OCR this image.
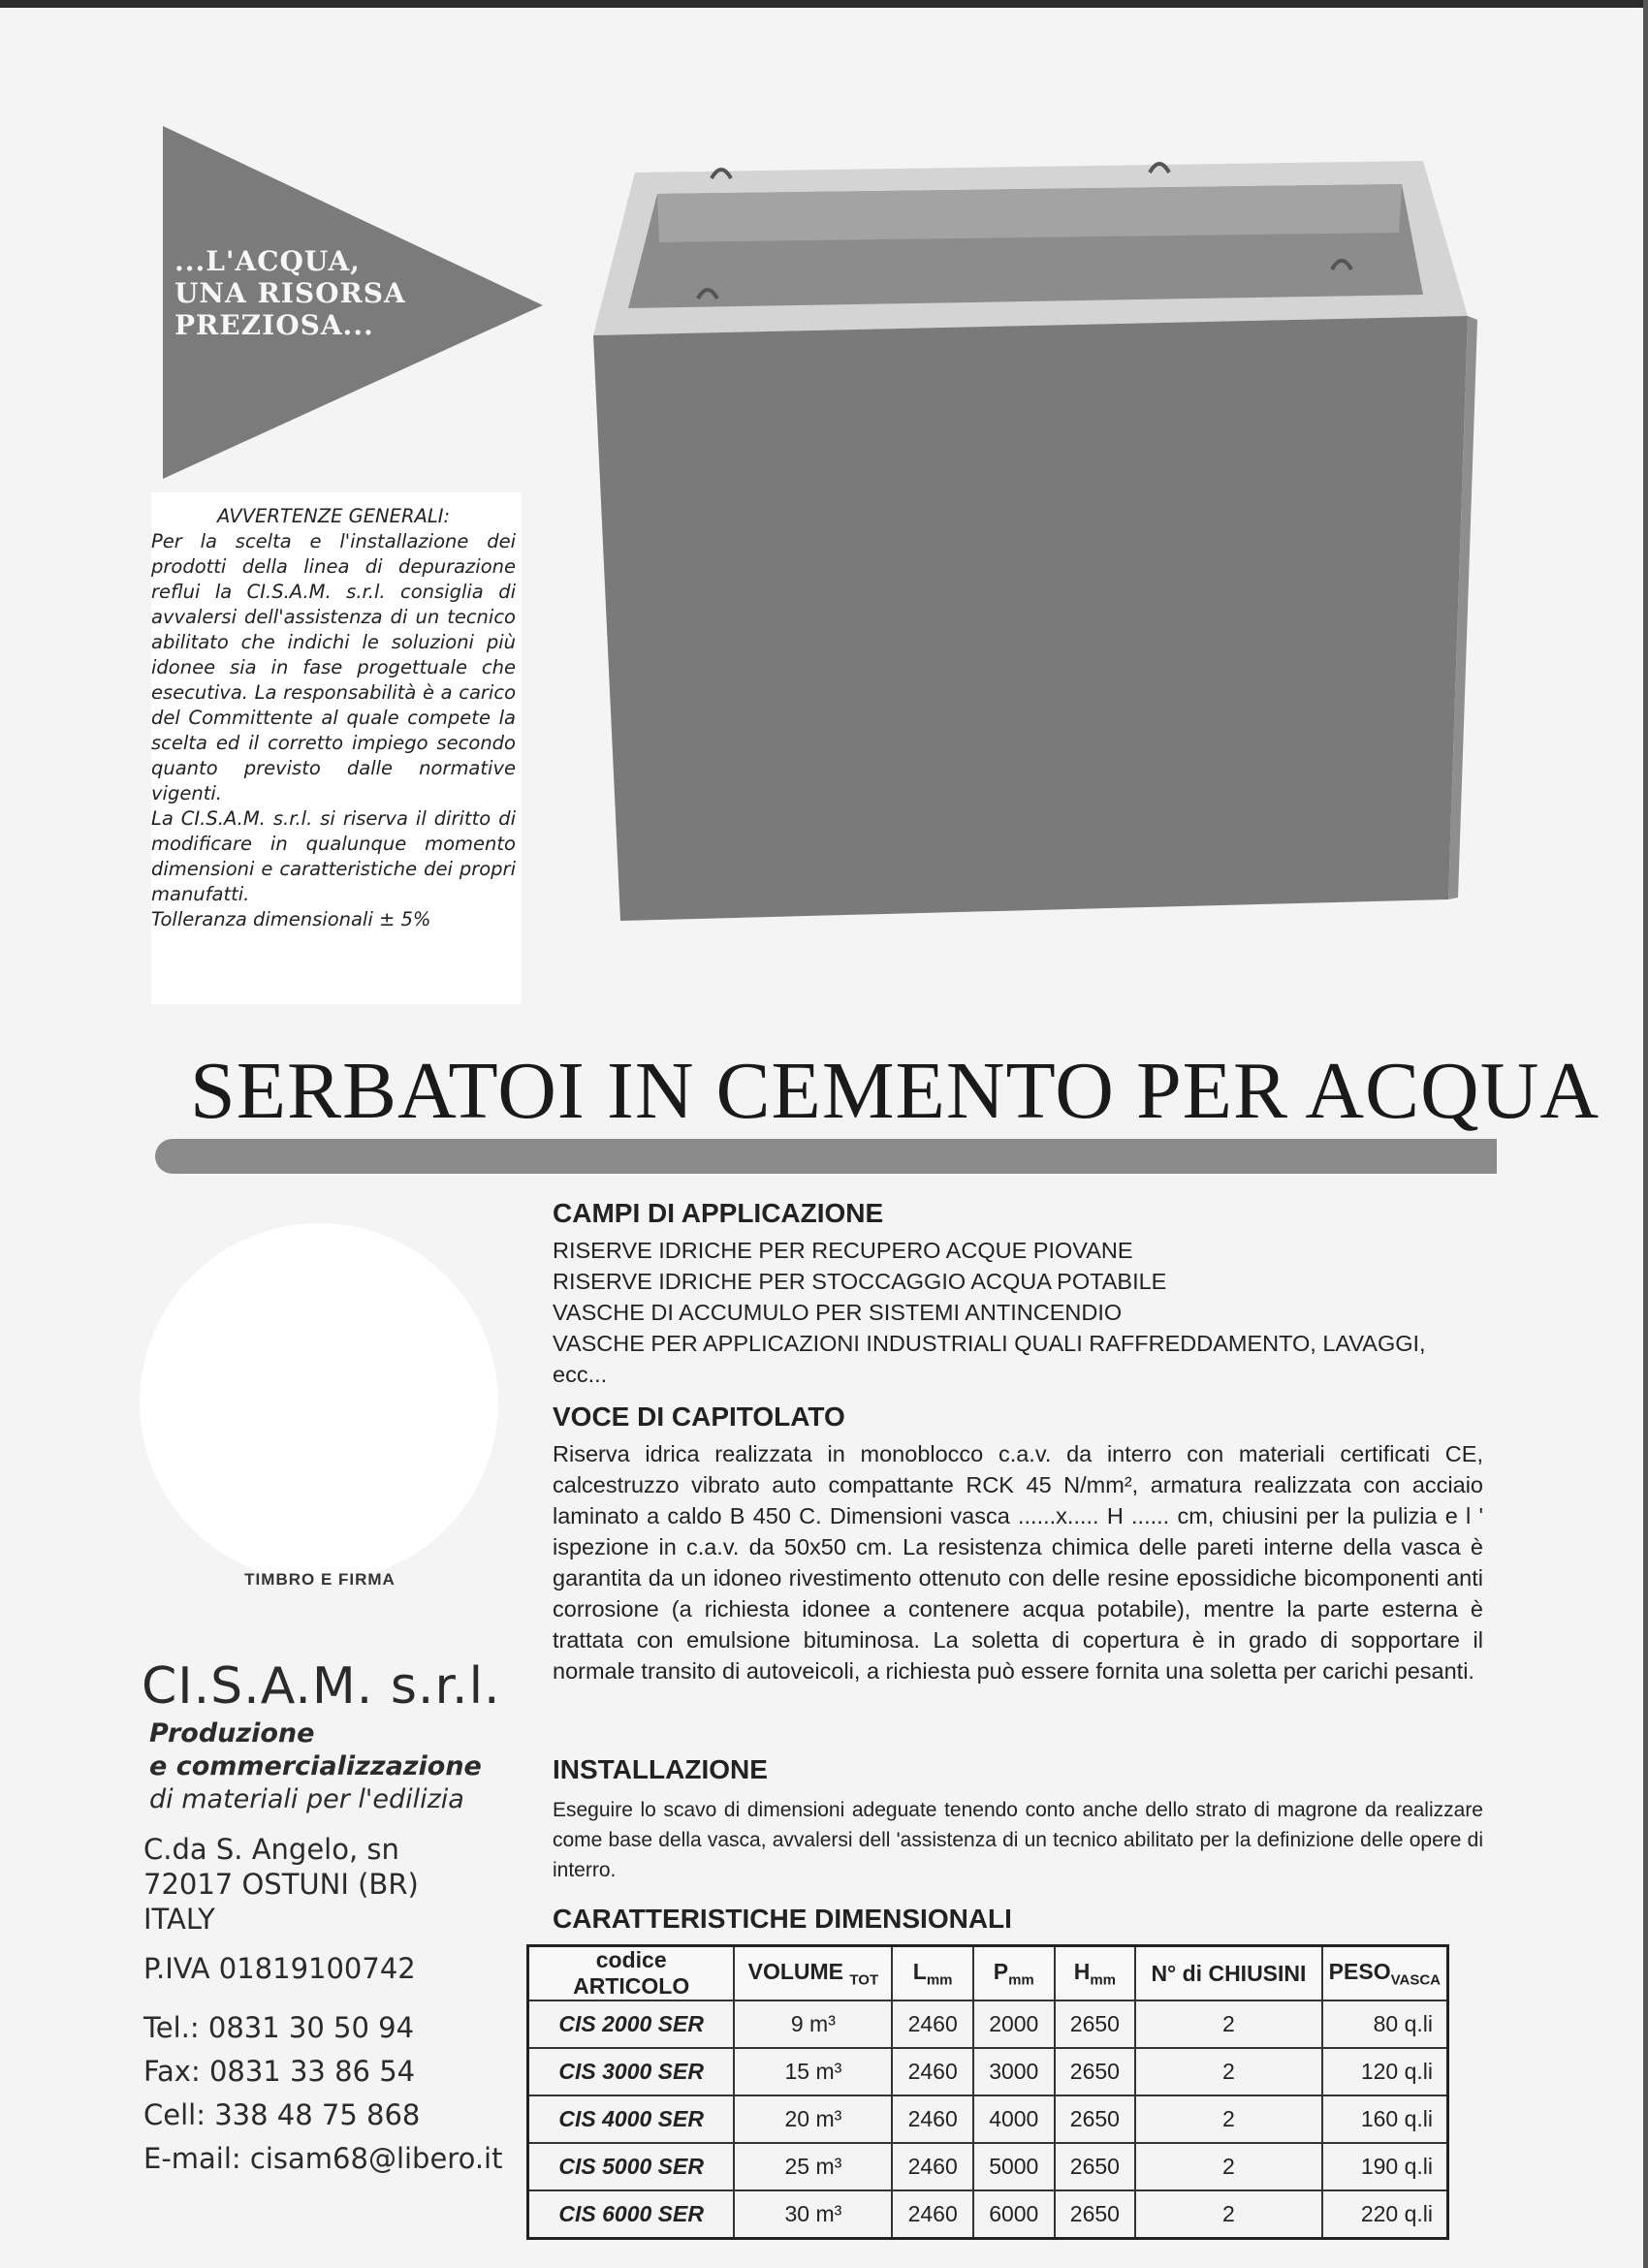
...L'ACQUA,
UNA RISORSA
PREZIOSA...

AVVERTENZE GENERALI:

Per la scelta e l'installazione dei prodotti della linea di depurazione reflui la CI.S.A.M. s.r.l. consiglia di avvalersi dell'assistenza di un tecnico abilitato che indichi le soluzioni più idonee sia in fase progettuale che esecutiva. La responsabilità è a carico del Committente al quale compete la scelta ed il corretto impiego secondo quanto previsto dalle normative vigenti.

La CI.S.A.M. s.r.l. si riserva il diritto di modificare in qualunque momento dimensioni e caratteristiche dei propri manufatti.

Tolleranza dimensionali ± 5%

SERBATOI IN CEMENTO PER ACQUA
TIMBRO E FIRMA
CI.S.A.M. s.r.l.
Produzione
e commercializzazione
di materiali per l'edilizia
C.da S. Angelo, sn
72017 OSTUNI (BR)
ITALY
P.IVA 01819100742
Tel.: 0831 30 50 94
Fax: 0831 33 86 54
Cell: 338 48 75 868
E-mail: cisam68@libero.it
CAMPI DI APPLICAZIONE
RISERVE IDRICHE PER RECUPERO ACQUE PIOVANE
RISERVE IDRICHE PER STOCCAGGIO ACQUA POTABILE
VASCHE DI ACCUMULO PER SISTEMI ANTINCENDIO
VASCHE PER APPLICAZIONI INDUSTRIALI QUALI RAFFREDDAMENTO, LAVAGGI, ecc...
VOCE DI CAPITOLATO
Riserva idrica realizzata in monoblocco c.a.v. da interro con materiali certificati CE, calcestruzzo vibrato auto compattante RCK 45 N/mm², armatura realizzata con acciaio laminato a caldo B 450 C. Dimensioni vasca ......x..... H ...... cm, chiusini per la pulizia e l ' ispezione in c.a.v. da 50x50 cm. La resistenza chimica delle pareti interne della vasca è garantita da un idoneo rivestimento ottenuto con delle resine epossidiche bicomponenti anti corrosione (a richiesta idonee a contenere acqua potabile), mentre la parte esterna è trattata con emulsione bituminosa. La soletta di copertura è in grado di sopportare il normale transito di autoveicoli, a richiesta può essere fornita una soletta per carichi pesanti.
INSTALLAZIONE
Eseguire lo scavo di dimensioni adeguate tenendo conto anche dello strato di magrone da realizzare come base della vasca, avvalersi dell 'assistenza di un tecnico abilitato per la definizione delle opere di interro.
CARATTERISTICHE DIMENSIONALI
codice ARTICOLO	VOLUME $_{TOT}$	$L_{mm}$	$P_{mm}$	$H_{mm}$	N° di CHIUSINI	$PESO_{VASCA}$
CIS 2000 SER	9 m³	2460	2000	2650	2	80 q.li
CIS 3000 SER	15 m³	2460	3000	2650	2	120 q.li
CIS 4000 SER	20 m³	2460	4000	2650	2	160 q.li
CIS 5000 SER	25 m³	2460	5000	2650	2	190 q.li
CIS 6000 SER	30 m³	2460	6000	2650	2	220 q.li
